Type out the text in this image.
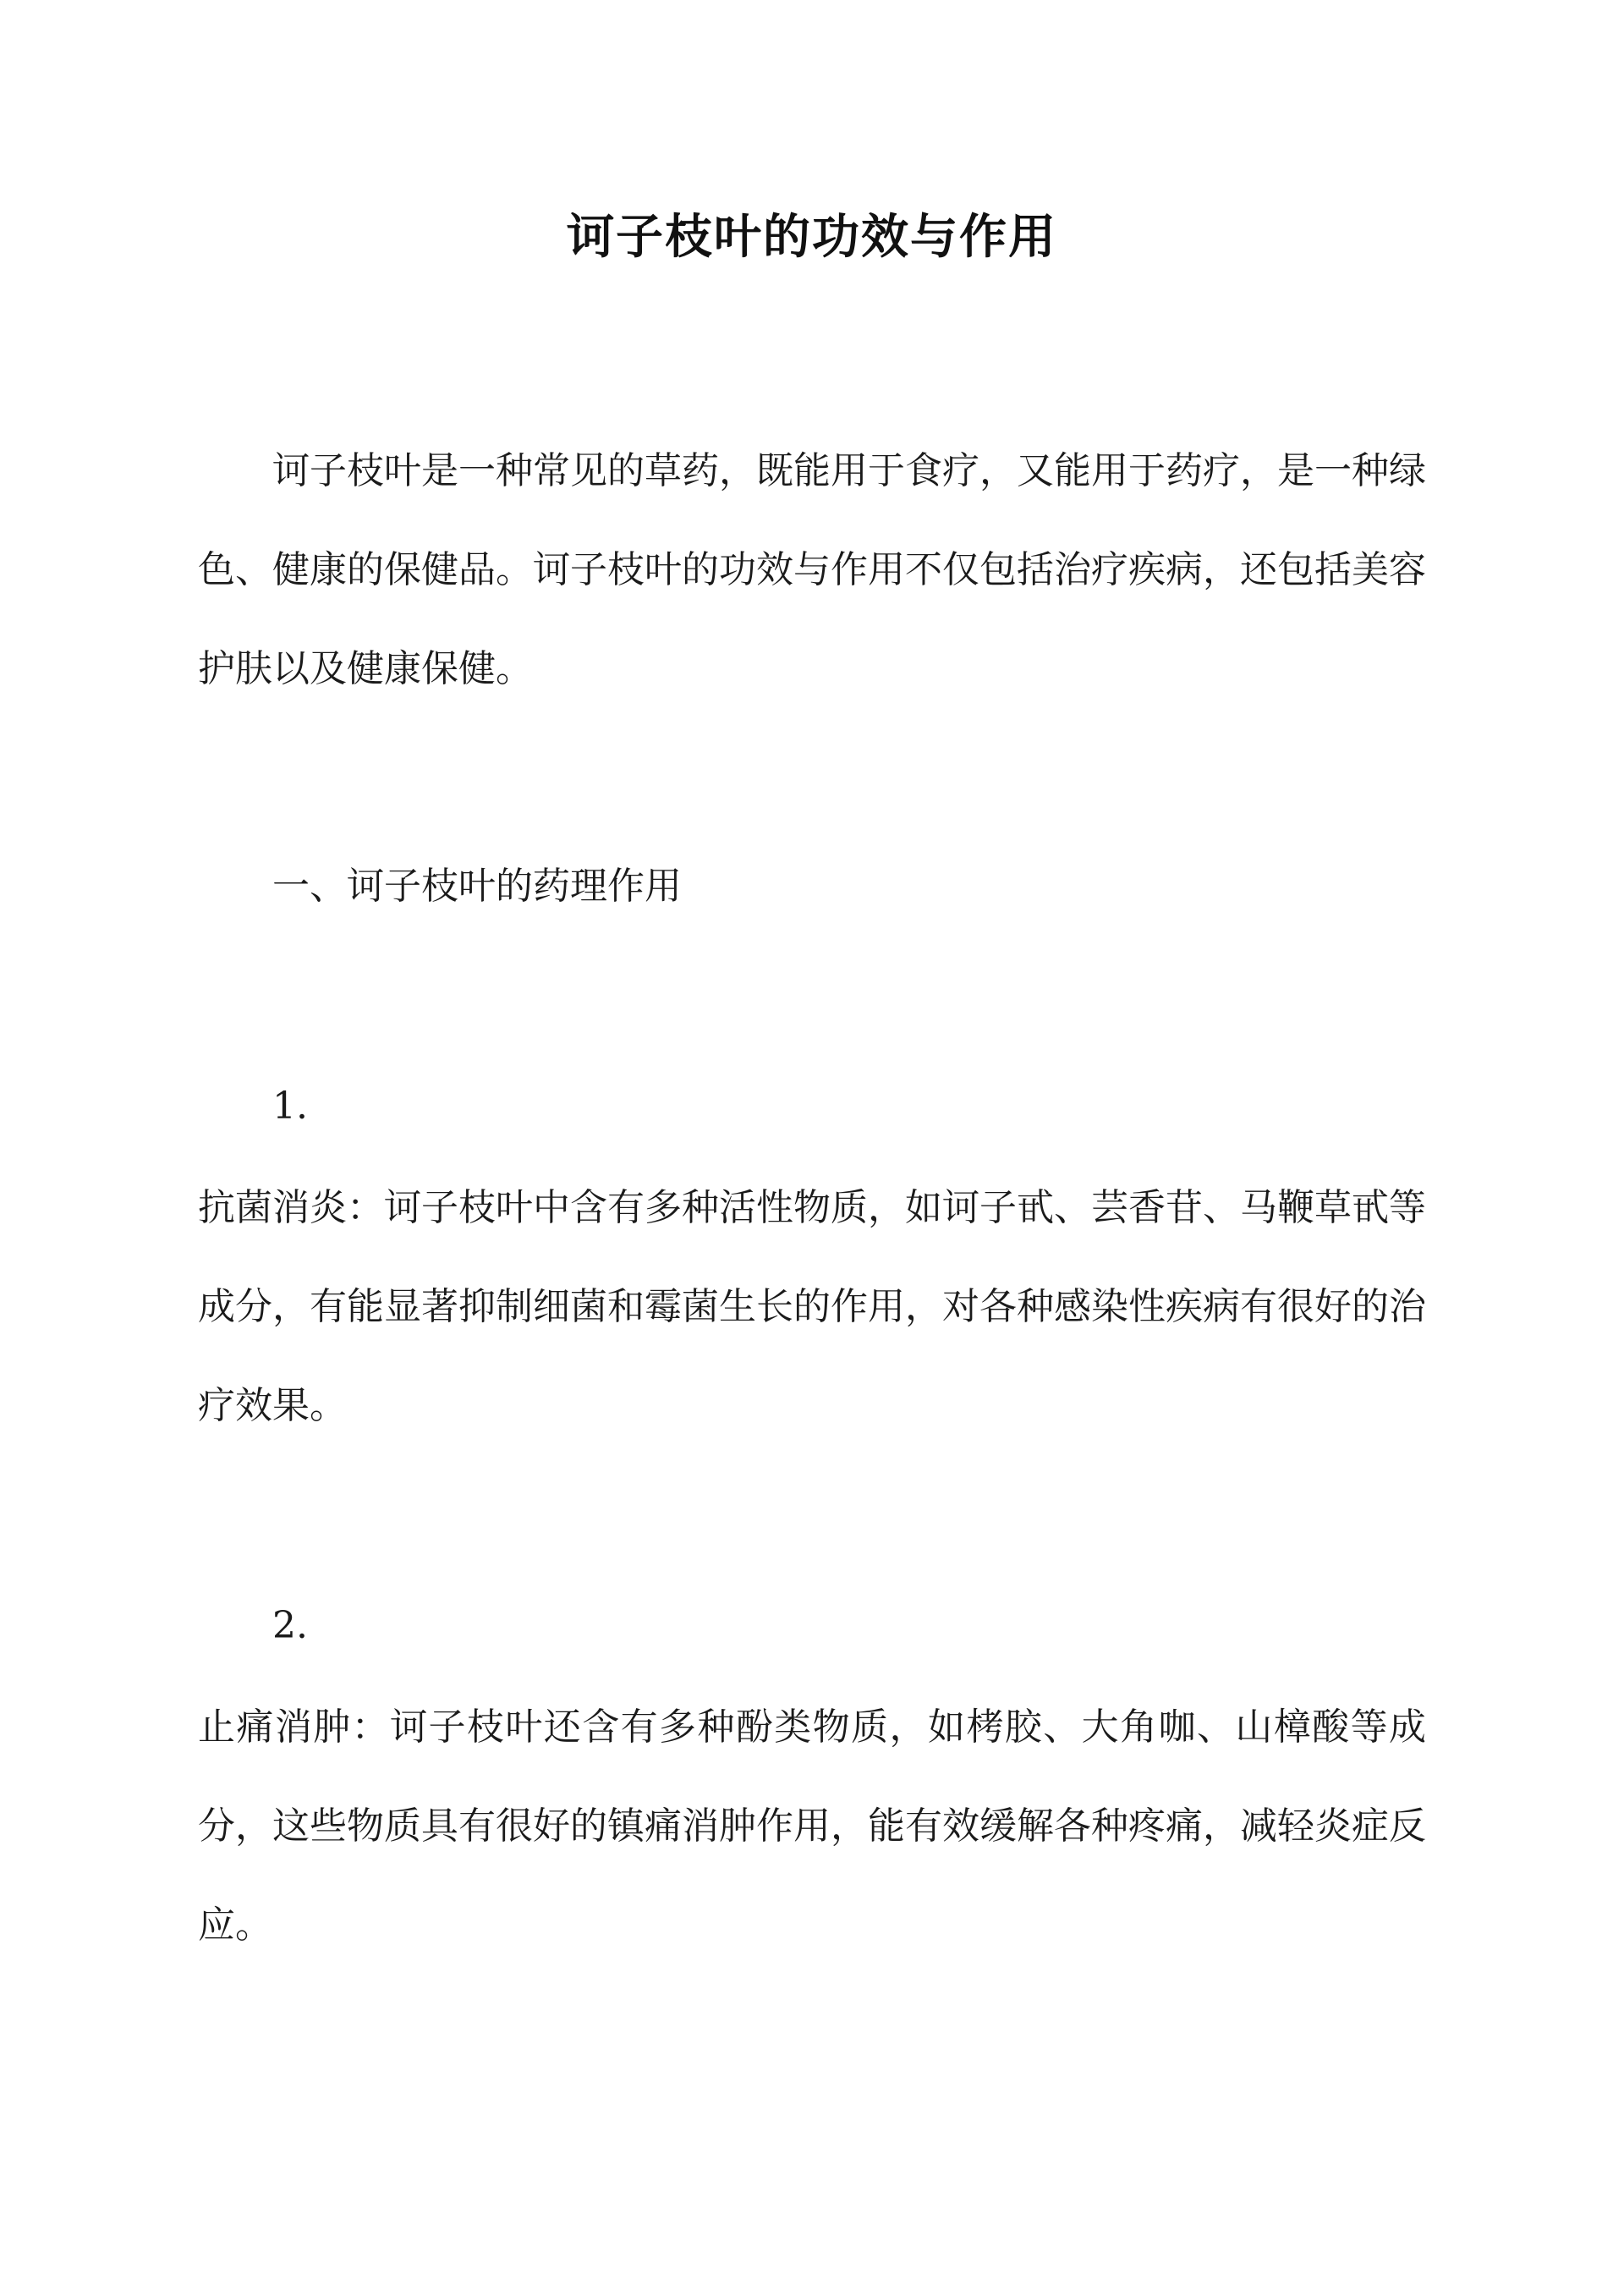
诃子枝叶的功效与作用

诃子枝叶是一种常见的草药，既能用于食疗，又能用于药疗，是一种绿色、健康的保健品。诃子枝叶的功效与作用不仅包括治疗疾病，还包括美容护肤以及健康保健。

一、诃子枝叶的药理作用

1.

抗菌消炎：诃子枝叶中含有多种活性物质，如诃子甙、芸香苷、马鞭草甙等成分，有能显著抑制细菌和霉菌生长的作用，对各种感染性疾病有很好的治疗效果。

2.

止痛消肿：诃子枝叶还含有多种酚类物质，如栲胶、大角咖、山樟酸等成分，这些物质具有很好的镇痛消肿作用，能有效缓解各种疼痛，减轻炎症反应。
